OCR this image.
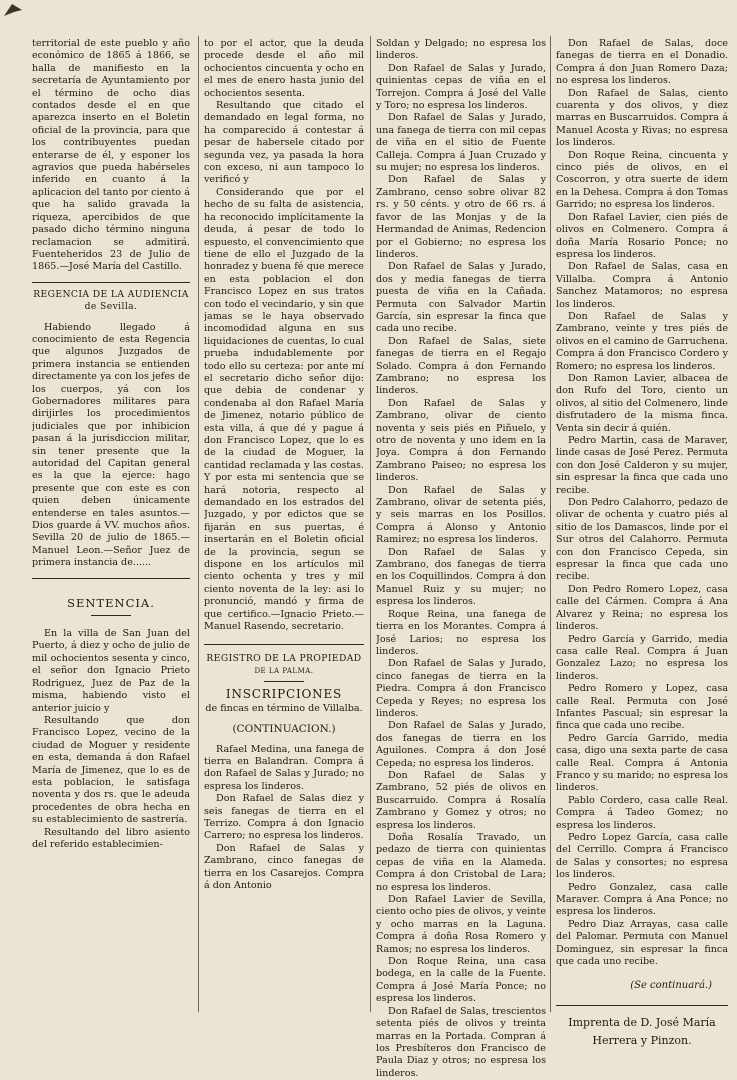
territorial de este pueblo y año económico de 1865 á 1866, se halla de manifiesto en la secretaría de Ayuntamiento por el término de ocho dias contados desde el en que aparezca inserto en el Boletin oficial de la provincia, para que los contribuyentes puedan enterarse de él, y esponer los agravios que pueda habérseles inferido en cuanto á la aplicacion del tanto por ciento á que ha salido gravada la riqueza, apercibidos de que pasado dicho término ninguna reclamacion se admitirá. Fuenteheridos 23 de Julio de 1865.—José María del Castillo.

REGENCIA DE LA AUDIENCIA de Sevilla.

Habiendo llegado á conocimiento de esta Regencia que algunos Juzgados de primera instancia se entienden directamente ya con los jefes de los cuerpos, yá con los Gobernadores militares para dirijirles los procedimientos judiciales que por inhibicion pasan á la jurisdiccion militar, sin tener presente que la autoridad del Capitan general es la que la ejerce: hago presente que con este es con quien deben únicamente entenderse en tales asuntos.—Dios guarde á VV. muchos años. Sevilla 20 de julio de 1865.—Manuel Leon.—Señor Juez de primera instancia de......

SENTENCIA.

En la villa de San Juan del Puerto, á diez y ocho de julio de mil ochocientos sesenta y cinco, el señor don Ignacio Prieto Rodriguez, Juez de Paz de la misma, habiendo visto el anterior juicio y

Resultando que don Francisco Lopez, vecino de la ciudad de Moguer y residente en esta, demanda á don Rafael María de Jimenez, que lo es de esta poblacion, le satisfaga noventa y dos rs. que le adeuda procedentes de obra hecha en su establecimiento de sastrería.

Resultando del libro asiento del referido establecimien-

to por el actor, que la deuda procede desde el año mil ochocientos cincuenta y ocho en el mes de enero hasta junio del ochocientos sesenta.

Resultando que citado el demandado en legal forma, no ha comparecido á contestar á pesar de habersele citado por segunda vez, ya pasada la hora con exceso, ni aun tampoco lo verificó y

Considerando que por el hecho de su falta de asistencia, ha reconocido implícitamente la deuda, á pesar de todo lo espuesto, el convencimiento que tiene de ello el Juzgado de la honradez y buena fé que merece en esta poblacion el don Francisco Lopez en sus tratos con todo el vecindario, y sin que jamas se le haya observado incomodidad alguna en sus liquidaciones de cuentas, lo cual prueba indudablemente por todo ello su certeza: por ante mí el secretario dicho señor dijo: que debia de condenar y condenaba al don Rafael María de Jimenez, notario público de esta villa, á que dé y pague á don Francisco Lopez, que lo es de la ciudad de Moguer, la cantidad reclamada y las costas. Y por esta mi sentencia que se hará notoria, respecto al demandado en los estrados del Juzgado, y por edictos que se fijarán en sus puertas, é insertarán en el Boletin oficial de la provincia, segun se dispone en los artículos mil ciento ochenta y tres y mil ciento noventa de la ley: asi lo pronunció, mandó y firma de que certifico.—Ignacio Prieto.—Manuel Rasendo, secretario.

REGISTRO DE LA PROPIEDAD

DE LA PALMA.

INSCRIPCIONES

de fincas en término de Villalba.

(CONTINUACION.)

Rafael Medina, una fanega de tierra en Balandran. Compra á don Rafael de Salas y Jurado; no espresa los linderos.

Don Rafael de Salas diez y seis fanegas de tierra en el Terrizo. Compra á don Ignacio Carrero; no espresa los linderos.

Don Rafael de Salas y Zambrano, cinco fanegas de tierra en los Casarejos. Compra á don Antonio

Soldan y Delgado; no espresa los linderos.

Don Rafael de Salas y Jurado, quinientas cepas de viña en el Torrejon. Compra á José del Valle y Toro; no espresa los linderos.

Don Rafael de Salas y Jurado, una fanega de tierra con mil cepas de viña en el sitio de Fuente Calleja. Compra á Juan Cruzado y su mujer; no espresa los linderos.

Don Rafael de Salas y Zambrano, censo sobre olivar 82 rs. y 50 cénts. y otro de 66 rs. á favor de las Monjas y de la Hermandad de Animas, Redencion por el Gobierno; no espresa los linderos.

Don Rafael de Salas y Jurado, dos y media fanegas de tierra puesta de viña en la Cañada. Permuta con Salvador Martin García, sin espresar la finca que cada uno recibe.

Don Rafael de Salas, siete fanegas de tierra en el Regajo Solado. Compra á don Fernando Zambrano; no espresa los linderos.

Don Rafael de Salas y Zambrano, olivar de ciento noventa y seis piés en Piñuelo, y otro de noventa y uno idem en la Joya. Compra á don Fernando Zambrano Paiseo; no espresa los linderos.

Don Rafael de Salas y Zambrano, olivar de setenta piés, y seis marras en los Posillos. Compra á Alonso y Antonio Ramirez; no espresa los linderos.

Don Rafael de Salas y Zambrano, dos fanegas de tierra en los Coquillindos. Compra á don Manuel Ruiz y su mujer; no espresa los linderos.

Roque Reina, una fanega de tierra en los Morantes. Compra á José Larios; no espresa los linderos.

Don Rafael de Salas y Jurado, cinco fanegas de tierra en la Piedra. Compra á don Francisco Cepeda y Reyes; no espresa los linderos.

Don Rafael de Salas y Jurado, dos fanegas de tierra en los Aguilones. Compra á don José Cepeda; no espresa los linderos.

Don Rafael de Salas y Zambrano, 52 piés de olivos en Buscarruido. Compra á Rosalía Zambrano y Gomez y otros; no espresa los linderos.

Doña Rosalía Travado, un pedazo de tierra con quinientas cepas de viña en la Alameda. Compra á don Cristobal de Lara; no espresa los linderos.

Don Rafael Lavier de Sevilla, ciento ocho pies de olivos, y veinte y ocho marras en la Laguna. Compra á doña Rosa Romero y Ramos; no espresa los linderos.

Don Roque Reina, una casa bodega, en la calle de la Fuente. Compra á José María Ponce; no espresa los linderos.

Don Rafael de Salas, trescientos setenta piés de olivos y treinta marras en la Portada. Compran á los Presbíteros don Francisco de Paula Diaz y otros; no espresa los linderos.

Don Rafael de Salas, doce fanegas de tierra en el Donadio. Compra á don Juan Romero Daza; no espresa los linderos.

Don Rafael de Salas, ciento cuarenta y dos olivos, y diez marras en Buscarruidos. Compra á Manuel Acosta y Rivas; no espresa los linderos.

Don Roque Reina, cincuenta y cinco piés de olivos, en el Coscorron, y otra suerte de idem en la Dehesa. Compra á don Tomas Garrido; no espresa los linderos.

Don Rafael Lavier, cien piés de olivos en Colmenero. Compra á doña María Rosario Ponce; no espresa los linderos.

Don Rafael de Salas, casa en Villalba. Compra á Antonio Sanchez Matamoros; no espresa los linderos.

Don Rafael de Salas y Zambrano, veinte y tres piés de olivos en el camino de Garruchena. Compra á don Francisco Cordero y Romero; no espresa los linderos.

Don Ramon Lavier, albacea de don Rufo del Toro, ciento un olivos, al sitio del Colmenero, linde disfrutadero de la misma finca. Venta sin decir á quién.

Pedro Martin, casa de Maraver, linde casas de José Perez. Permuta con don José Calderon y su mujer, sin espresar la finca que cada uno recibe.

Don Pedro Calahorro, pedazo de olivar de ochenta y cuatro piés al sitio de los Damascos, linde por el Sur otros del Calahorro. Permuta con don Francisco Cepeda, sin espresar la finca que cada uno recibe.

Don Pedro Romero Lopez, casa calle del Cármen. Compra á Ana Alvarez y Reina; no espresa los linderos.

Pedro García y Garrido, media casa calle Real. Compra á Juan Gonzalez Lazo; no espresa los linderos.

Pedro Romero y Lopez, casa calle Real. Permuta con José Infantes Pascual; sin espresar la finca que cada uno recibe.

Pedro García Garrido, media casa, digo una sexta parte de casa calle Real. Compra á Antonia Franco y su marido; no espresa los linderos.

Pablo Cordero, casa calle Real. Compra á Tadeo Gomez; no espresa los linderos.

Pedro Lopez García, casa calle del Cerrillo. Compra á Francisco de Salas y consortes; no espresa los linderos.

Pedro Gonzalez, casa calle Maraver. Compra á Ana Ponce; no espresa los linderos.

Pedro Diaz Arrayas, casa calle del Palomar. Permuta con Manuel Dominguez, sin espresar la finca que cada uno recibe.

(Se continuará.)

Imprenta de D. José María

Herrera y Pinzon.
